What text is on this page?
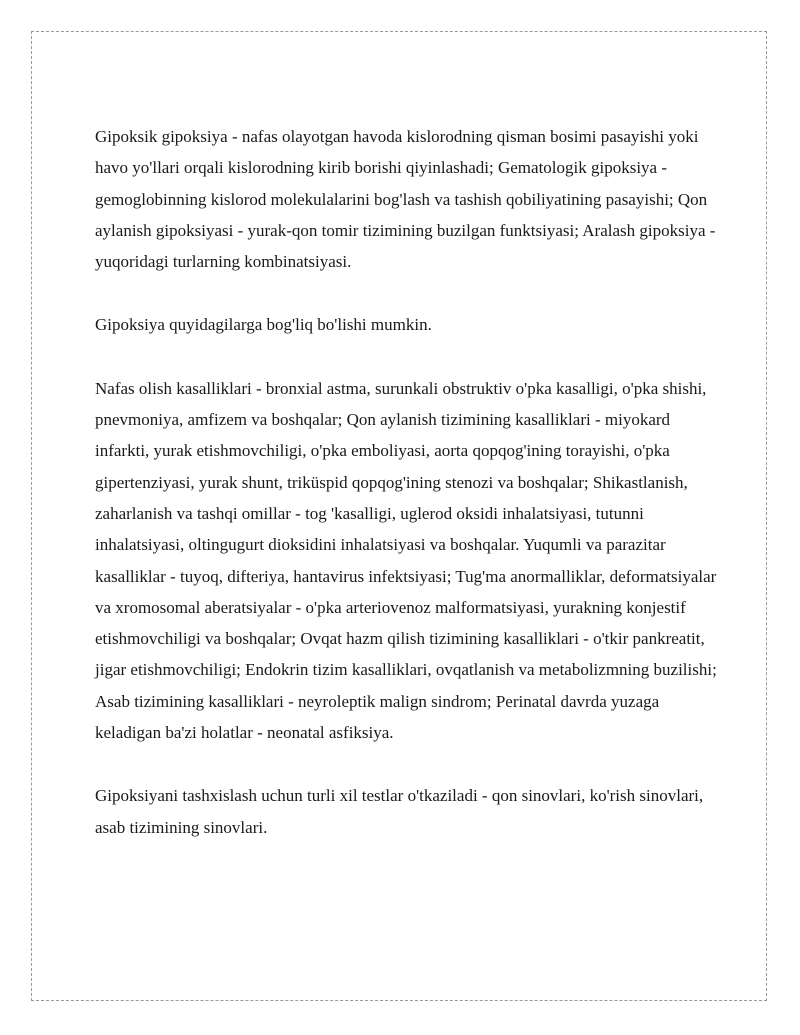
Gipoksik gipoksiya - nafas olayotgan havoda kislorodning qisman bosimi pasayishi yoki havo yo'llari orqali kislorodning kirib borishi qiyinlashadi; Gematologik gipoksiya - gemoglobinning kislorod molekulalarini bog'lash va tashish qobiliyatining pasayishi; Qon aylanish gipoksiyasi - yurak-qon tomir tizimining buzilgan funktsiyasi; Aralash gipoksiya - yuqoridagi turlarning kombinatsiyasi.

Gipoksiya quyidagilarga bog'liq bo'lishi mumkin.

Nafas olish kasalliklari - bronxial astma, surunkali obstruktiv o'pka kasalligi, o'pka shishi, pnevmoniya, amfizem va boshqalar; Qon aylanish tizimining kasalliklari - miyokard infarkti, yurak etishmovchiligi, o'pka emboliyasi, aorta qopqog'ining torayishi, o'pka gipertenziyasi, yurak shunt, triküspid qopqog'ining stenozi va boshqalar; Shikastlanish, zaharlanish va tashqi omillar - tog 'kasalligi, uglerod oksidi inhalatsiyasi, tutunni inhalatsiyasi, oltingugurt dioksidini inhalatsiyasi va boshqalar. Yuqumli va parazitar kasalliklar - tuyoq, difteriya, hantavirus infektsiyasi; Tug'ma anormalliklar, deformatsiyalar va xromosomal aberatsiyalar - o'pka arteriovenoz malformatsiyasi, yurakning konjestif etishmovchiligi va boshqalar; Ovqat hazm qilish tizimining kasalliklari - o'tkir pankreatit, jigar etishmovchiligi; Endokrin tizim kasalliklari, ovqatlanish va metabolizmning buzilishi; Asab tizimining kasalliklari - neyroleptik malign sindrom; Perinatal davrda yuzaga keladigan ba'zi holatlar - neonatal asfiksiya.

Gipoksiyani tashxislash uchun turli xil testlar o'tkaziladi - qon sinovlari, ko'rish sinovlari, asab tizimining sinovlari.
